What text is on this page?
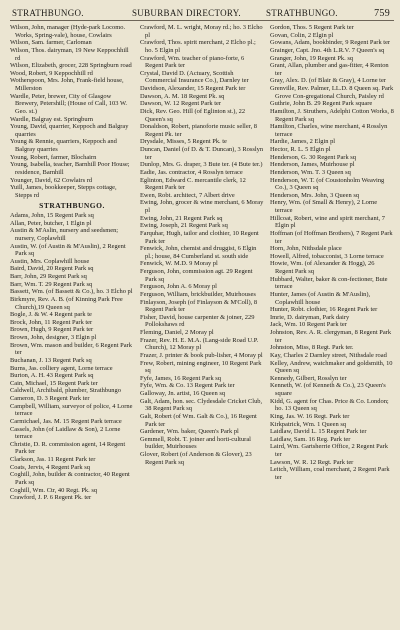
STRATHBUNGO.	SUBURBAN DIRECTORY.	STRATHBUNGO.	759

Wilson, John, manager (Hyde-park Locomo. Works, Spring-vale), house, Cowlairs

Wilson, Sam. farmer, Carloman

Wilson, Thos. dairyman, 19 New Keppochhill rd

Wilson, Elizabeth, grocer, 228 Springburn road

Wood, Robert, 9 Keppochhill rd

Wotherspoon, Mrs. John, Frank-field house, Millerston

Wardle, Peter, brewer, City of Glasgow Brewery, Petershill; (House of Call, 103 W. Geo. st.)

Wardle, Balgray est. Springburn

Young, David, quarrier, Keppoch and Balgray quarries

Young & Rennie, quarriers, Keppoch and Balgray quarries

Young, Robert, farmer, Blochairn

Young, Isabella, teacher, Barnhill Poor House; residence, Barnhill

Younger, David, 62 Cowlairs rd

Yuill, James, bookkeeper, Stepps cottage, Stepps rd

STRATHBUNGO.

Adams, John, 15 Regent Park sq

Allan, Peter, butcher, 1 Elgin pl

Austin & M'Aslin, nursery and seedsmen; nursery, Coplawhill

Austin, W. (of Austin & M'Auslin), 2 Regent Park sq

Austin, Mrs. Coplawhill house

Baird, David, 20 Regent Park sq

Barr, John, 29 Regent Park sq

Barr, Wm. T. 29 Regent Park sq

Bassett, Wm. (of Bassett & Co.), ho. 3 Elcho pl

Birkmyre, Rev. A. B. (of Kinning Park Free Church),19 Queen sq

Bogle, J. & W. 4 Regent park te

Brock, John, 11 Regent Park ter

Brown, Hugh, 9 Regent Park ter

Brown, John, designer, 3 Elgin pl

Brown, Wm. mason and builder, 6 Regent Park ter

Buchanan, J. 13 Regent Park sq

Burns, Jas. colliery agent, Lorne terrace

Burton, A. H. 43 Regent Park sq

Cain, Michael, 15 Regent Park ter

Caldwell, Archibald, plumber, Strathbungo

Cameron, D. 3 Regent Park ter

Campbell, William, surveyor of police, 4 Lorne terrace

Carmichael, Jas. M. 15 Regent Park terrace

Cassels, John (of Laidlaw & Son), 2 Lorne terrace

Christie, D. R. commission agent, 14 Regent Park ter

Clarkson, Jas. 11 Regent Park ter

Coats, Jervis, 4 Regent Park sq

Coghill, John, builder & contractor, 40 Regent Park sq

Coghill, Wm. Ctr, 40 Regt. Pk. sq

Crawford, J. P. 6 Regent Pk. ter

Crawford, M. L. wright, Moray rd.; ho. 3 Elcho pl

Crawford, Thos. spirit merchant, 2 Elcho pl.; ho. 5 Elgin pl

Crawford, Wm. teacher of piano-forte, 6 Regent Park ter

Crystal, David D. (Actuary, Scottish Commercial Insurance Co.), Darnley ter

Davidson, Alexander, 15 Regent Park ter

Dawson, A. M. 18 Regent Pk. sq

Dawson, W. 12 Regent Park ter

Dick, Rev. Geo. Hill (of Eglinton st.), 22 Queen's sq

Donaldson, Robert, pianoforte music seller, 8 Regent Pk. ter

Drysdale, Misses, 5 Regent Pk. te

Duncan, Daniel (of D. & T. Duncan), 3 Rosslyn ter

Dunlop, Mrs. G. draper, 3 Bute ter. (4 Bute ter.)

Eadie, Jas. contractor, 4 Rosslyn terrace

Eglinton, Edward C. mercantile clerk, 12 Regent Park ter

Ewen, Robt. architect, 7 Albert drive

Ewing, John, grocer & wine merchant, 6 Moray pl

Ewing, John, 21 Regent Park sq

Ewing, Joseph, 21 Regent Park sq

Farquhar, Hugh, tailor and clothier, 10 Regent Park ter

Fenwick, John, chemist and druggist, 6 Elgin pl.; house, 84 Cumberland st. south side

Fenwick, W. M.D. 9 Moray pl

Ferguson, John, commission agt. 29 Regent Park sq

Ferguson, John A. 6 Moray pl

Ferguson, William, brickbuilder, Muirhouses

Finlayson, Joseph (of Finlayson & M'Coll), 8 Regent Park ter

Fisher, David, house carpenter & joiner, 229 Pollokshaws rd

Fleming, Daniel, 2 Moray pl

Frazer, Rev. H. E. M.A. (Lang-side Road U.P. Church), 12 Moray pl

Frazer, J. printer & book pub-lisher, 4 Moray pl

Frew, Robert, mining engineer, 10 Regent Park sq

Fyfe, James, 16 Regent Park sq

Fyfe, Wm. & Co. 13 Regent Park ter

Galloway, Jn. artist, 16 Queen sq

Galt, Adam, hon. sec. Clydesdale Cricket Club, 38 Regent Park sq

Galt, Robert (of Wm. Galt & Co.), 16 Regent Park ter

Gardener, Wm. baker, Queen's Park pl

Gemmell, Robt. T. joiner and horti-cultural builder, Muirhouses

Glover, Robert (of Anderson & Glover), 23 Regent Park sq

Gordon, Thos. 5 Regent Park ter

Govan, Colin, 2 Elgin pl

Gowans, Adam, bookbinder, 9 Regent Park ter

Grainger, Capt. Jno. 4th L.R.V. 7 Queen's sq

Granger, John, 19 Regent Pk. sq

Grant, Allan, plumber and gas-fitter, 4 Renton ter

Gray, Alex. D. (of Blair & Gray), 4 Lorne ter

Grenville, Rev. Palmer, LL.D. 8 Queen sq. Park Grove Con-gregational Church, Paisley rd

Guthrie, John B. 29 Regent Park square

Hamilton, J. Struthers, Adelphi Cotton Works, 8 Regent Park sq

Hamilton, Charles, wine merchant, 4 Rosslyn terrace

Hardie, James, 2 Elgin pl

Hector, R. L. 5 Elgin pl

Henderson, G. 30 Regent Park sq

Henderson, James, Muirhouse pl

Henderson, Wm. T. 3 Queen sq

Henderson, W. T. (of Coustonholm Weaving Co.), 3 Queen sq

Henderson, Mrs. John, 3 Queen sq

Henry, Wm. (of Small & Henry), 2 Lorne terrace

Hillcoat, Robert, wine and spirit merchant, 7 Elgin pl

Hoffman (of Hoffman Brothers), 7 Regent Park ter

Horn, John, Nithsdale place

Howell, Alfred, tobacconist, 3 Lorne terrace

Howie, Wm. (of Alexander & Hogg), 26 Regent Park sq

Hubbard, Walter, baker & con-fectioner, Bute terrace

Hunter, James (of Austin & M'Auslin), Coplawhill house

Hunter, Robt. clothier, 16 Regent Park ter

Imrie, D. dairyman, Park dairy

Jack, Wm. 10 Regent Park ter

Johnston, Rev. A. R. clergyman, 8 Regent Park ter

Johnston, Miss, 8 Regt. Park ter.

Kay, Charles 2 Darnley street, Nithsdale road

Kelley, Andrew, watchmaker and goldsmith, 10 Queen sq

Kennedy, Gilbert, Rosslyn ter

Kenneth, W. (of Kenneth & Co.), 23 Queen's square

Kidd, G. agent for Chas. Price & Co. London; ho. 13 Queen sq

King, Jas. W. 16 Regt. Park ter

Kirkpatrick, Wm. 1 Queen sq

Laidlaw, David L. 15 Regent Park ter

Laidlaw, Sam. 16 Reg. Park ter

Laird, Wm. Gartsherrie Office, 2 Regent Park ter

Lawson, W. R. 12 Regt. Park ter

Leitch, William, coal merchant, 2 Regent Park ter
